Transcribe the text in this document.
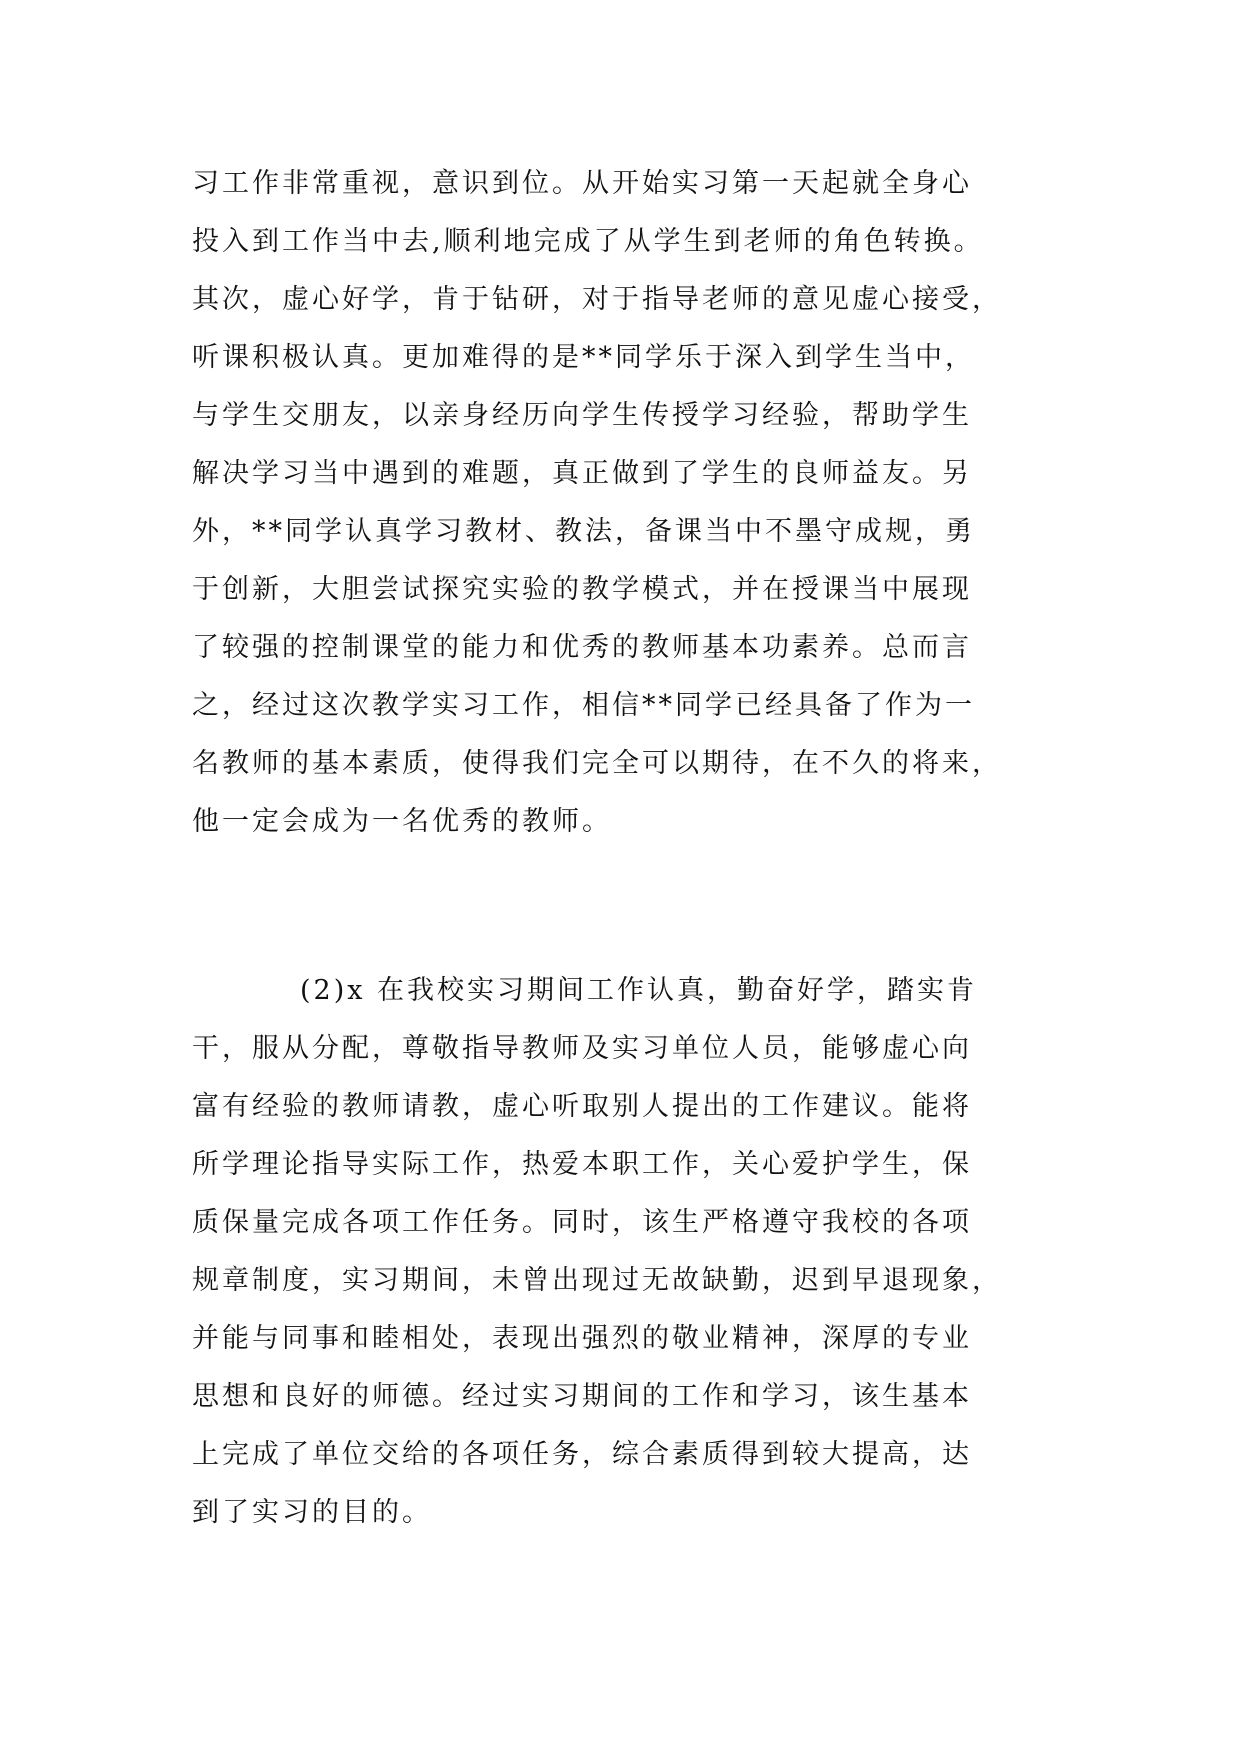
习工作非常重视，意识到位。从开始实习第一天起就全身心
投入到工作当中去,顺利地完成了从学生到老师的角色转换。
其次，虚心好学，肯于钻研，对于指导老师的意见虚心接受，
听课积极认真。更加难得的是**同学乐于深入到学生当中，
与学生交朋友，以亲身经历向学生传授学习经验，帮助学生
解决学习当中遇到的难题，真正做到了学生的良师益友。另
外，**同学认真学习教材、教法，备课当中不墨守成规，勇
于创新，大胆尝试探究实验的教学模式，并在授课当中展现
了较强的控制课堂的能力和优秀的教师基本功素养。总而言
之，经过这次教学实习工作，相信**同学已经具备了作为一
名教师的基本素质，使得我们完全可以期待，在不久的将来，
他一定会成为一名优秀的教师。
(2)x 在我校实习期间工作认真，勤奋好学，踏实肯
干，服从分配，尊敬指导教师及实习单位人员，能够虚心向
富有经验的教师请教，虚心听取别人提出的工作建议。能将
所学理论指导实际工作，热爱本职工作，关心爱护学生，保
质保量完成各项工作任务。同时，该生严格遵守我校的各项
规章制度，实习期间，未曾出现过无故缺勤，迟到早退现象，
并能与同事和睦相处，表现出强烈的敬业精神，深厚的专业
思想和良好的师德。经过实习期间的工作和学习，该生基本
上完成了单位交给的各项任务，综合素质得到较大提高，达
到了实习的目的。
